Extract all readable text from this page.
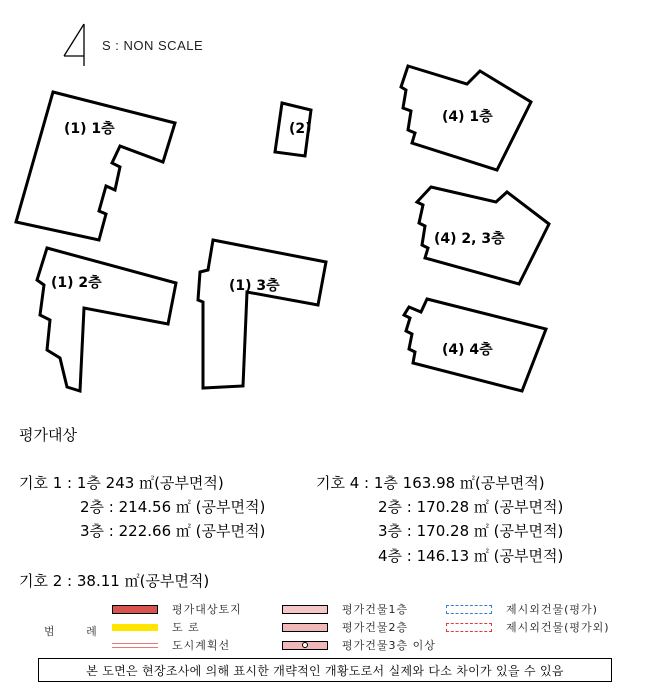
S : NON SCALE
(1) 1층	(2)
(4) 1층
(4) 2, 3층
(1) 2층	(1) 3층
(4) 4층
평가대상
기호 1 : 1층 243 ㎡(공부면적)
2층 : 214.56 ㎡ (공부면적)
3층 : 222.66 ㎡ (공부면적)
기호 2 : 38.11 ㎡(공부면적)
기호 4 : 1층 163.98 ㎡(공부면적)
2층 : 170.28 ㎡ (공부면적)
3층 : 170.28 ㎡ (공부면적)
4층 : 146.13 ㎡ (공부면적)
범 례
평가대상토지
도 로
도시계획선
평가건물1층
평가건물2층
평가건물3층 이상
제시외건물(평가)
제시외건물(평가외)
본 도면은 현장조사에 의해 표시한 개략적인 개황도로서 실제와 다소 차이가 있을 수 있음
